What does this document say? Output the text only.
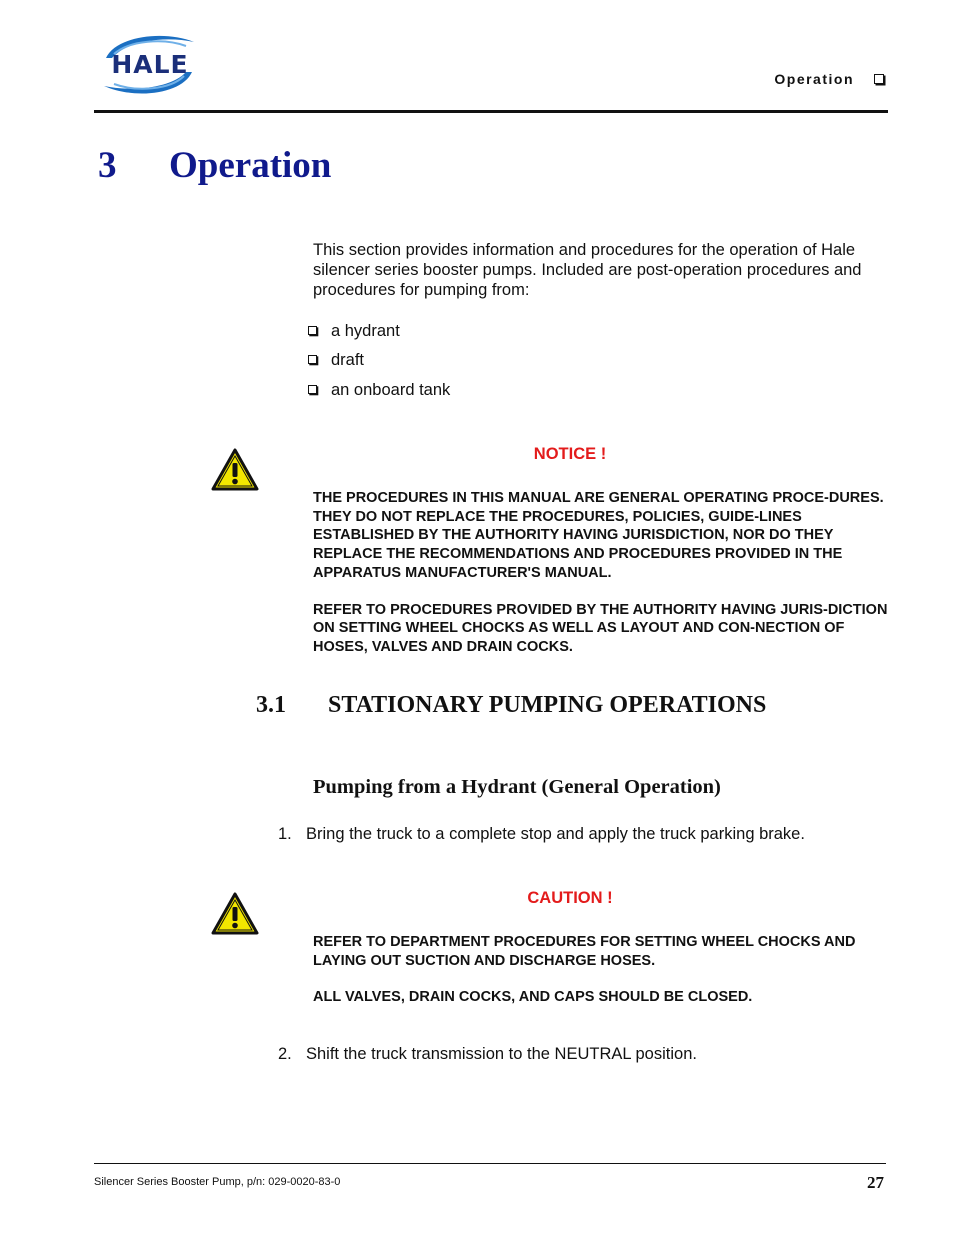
HALE	Operation
3 Operation
This section provides information and procedures for the operation of Hale silencer series booster pumps. Included are post-operation procedures and procedures for pumping from:
a hydrant
draft
an onboard tank
NOTICE !

THE PROCEDURES IN THIS MANUAL ARE GENERAL OPERATING PROCE-DURES. THEY DO NOT REPLACE THE PROCEDURES, POLICIES, GUIDE-LINES ESTABLISHED BY THE AUTHORITY HAVING JURISDICTION, NOR DO THEY REPLACE THE RECOMMENDATIONS AND PROCEDURES PROVIDED IN THE APPARATUS MANUFACTURER'S MANUAL.

REFER TO PROCEDURES PROVIDED BY THE AUTHORITY HAVING JURIS-DICTION ON SETTING WHEEL CHOCKS AS WELL AS LAYOUT AND CON-NECTION OF HOSES, VALVES AND DRAIN COCKS.

3.1 STATIONARY PUMPING OPERATIONS
Pumping from a Hydrant (General Operation)
1. Bring the truck to a complete stop and apply the truck parking brake.
CAUTION !

REFER TO DEPARTMENT PROCEDURES FOR SETTING WHEEL CHOCKS AND LAYING OUT SUCTION AND DISCHARGE HOSES.

ALL VALVES, DRAIN COCKS, AND CAPS SHOULD BE CLOSED.

2. Shift the truck transmission to the NEUTRAL position.
Silencer Series Booster Pump, p/n: 029-0020-83-0	27
